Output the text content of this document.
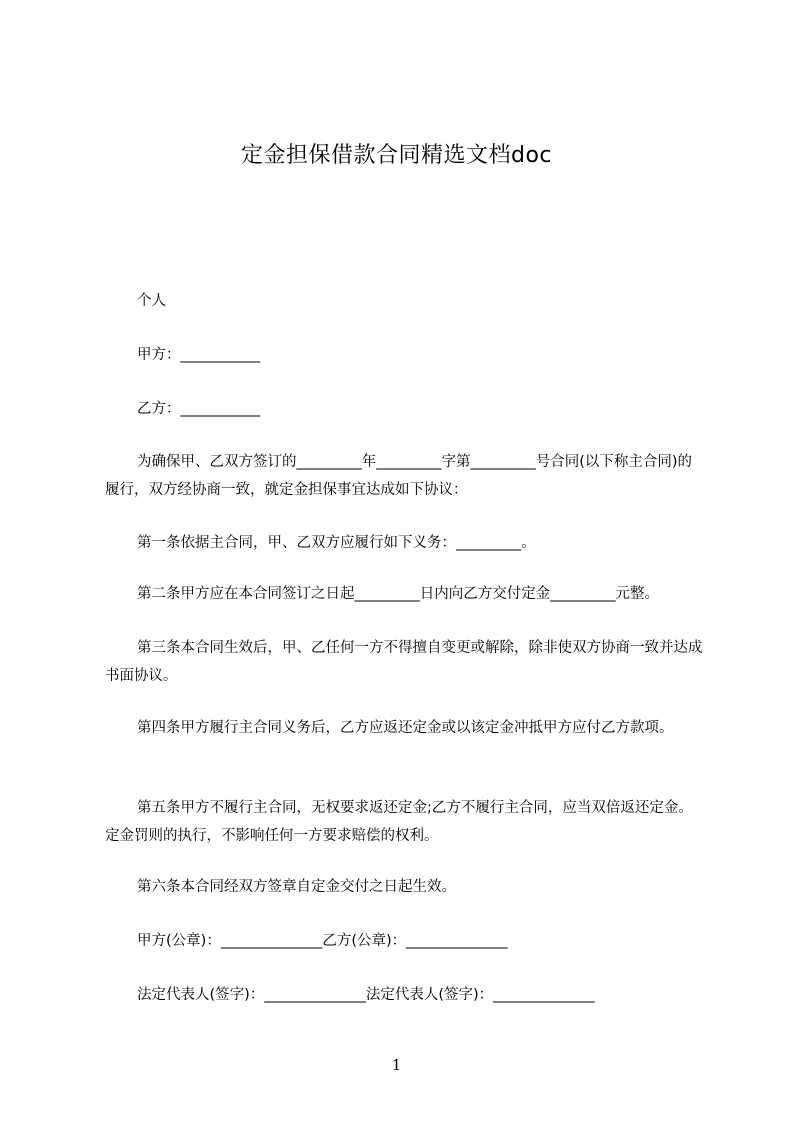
定金担保借款合同精选文档doc
个人
甲方：___________
乙方：___________
为确保甲、乙双方签订的_________年_________字第_________号合同(以下称主合同)的履行，双方经协商一致，就定金担保事宜达成如下协议：
第一条依据主合同，甲、乙双方应履行如下义务：_________。
第二条甲方应在本合同签订之日起_________日内向乙方交付定金_________元整。
第三条本合同生效后，甲、乙任何一方不得擅自变更或解除，除非使双方协商一致并达成书面协议。
第四条甲方履行主合同义务后，乙方应返还定金或以该定金冲抵甲方应付乙方款项。
第五条甲方不履行主合同，无权要求返还定金;乙方不履行主合同，应当双倍返还定金。定金罚则的执行，不影响任何一方要求赔偿的权利。
第六条本合同经双方签章自定金交付之日起生效。
甲方(公章)：______________乙方(公章)：______________
法定代表人(签字)：______________法定代表人(签字)：______________
1
